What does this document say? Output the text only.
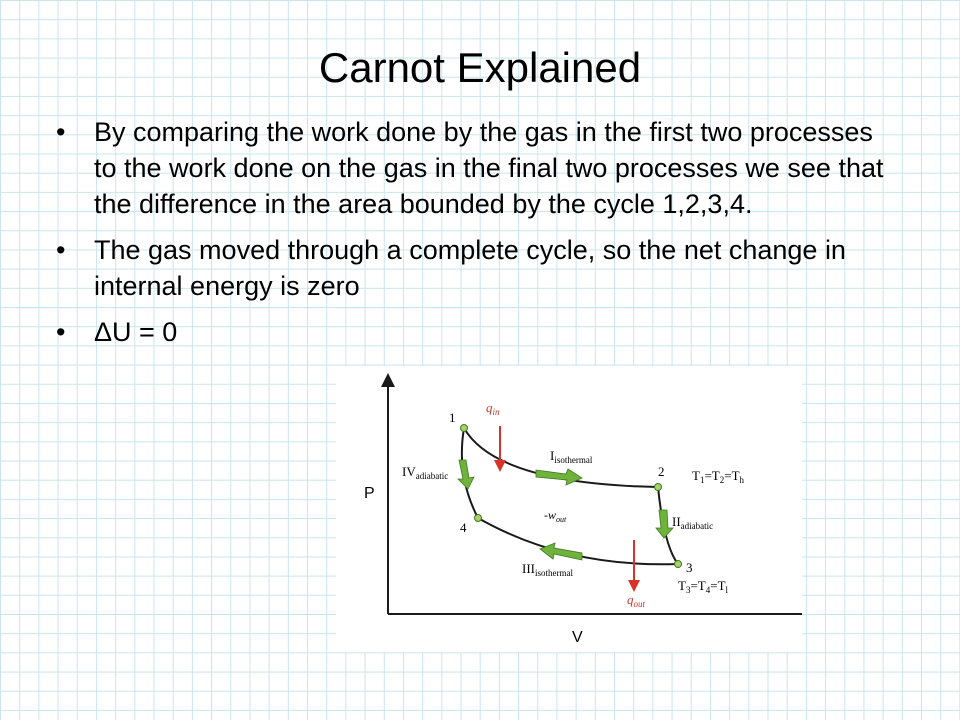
Carnot Explained
• By comparing the work done by the gas in the first two processes to the work done on the gas in the final two processes we see that the difference in the area bounded by the cycle 1,2,3,4.
• The gas moved through a complete cycle, so the net change in internal energy is zero
• ΔU = 0
P
V
1
2
3
4
$q_{in}$
$q_{out}$
$-w_{out}$
$I_{isothermal}$
$II_{adiabatic}$
$III_{isothermal}$
$IV_{adiabatic}$	$T_1=T_2=T_h$
$T_3=T_4=T_l$
